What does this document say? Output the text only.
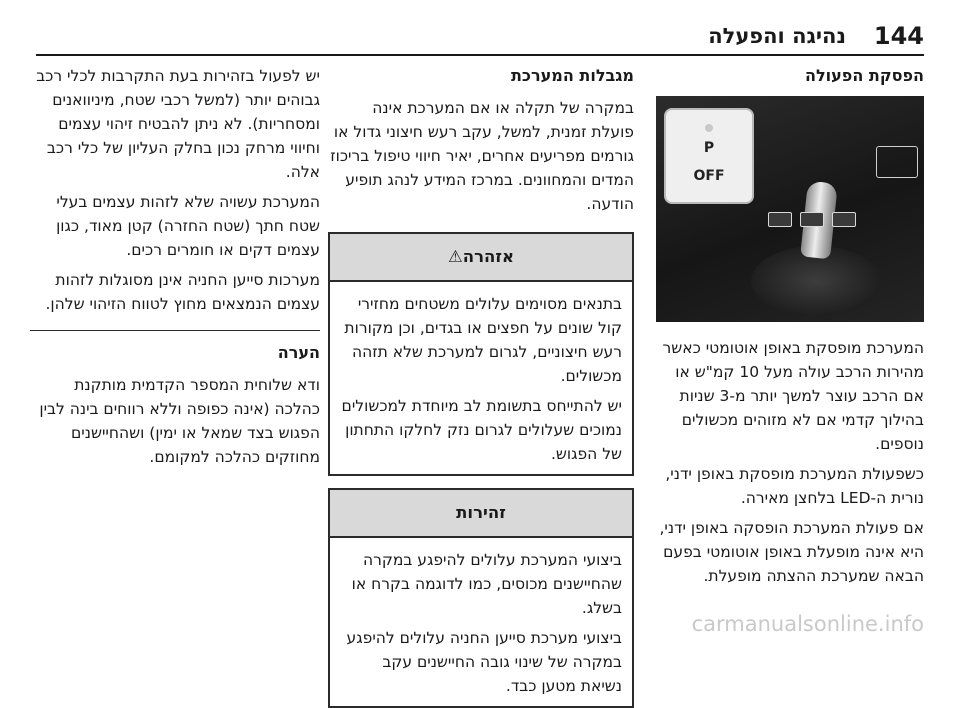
144
נהיגה והפעלה
הפסקת הפעולה
P
OFF

המערכת מופסקת באופן אוטומטי כאשר מהירות הרכב עולה מעל 10 קמ"ש או אם הרכב עוצר למשך יותר מ-3 שניות בהילוך קדמי אם לא מזוהים מכשולים נוספים.

כשפעולת המערכת מופסקת באופן ידני, נורית ה-LED בלחצן מאירה.

אם פעולת המערכת הופסקה באופן ידני, היא אינה מופעלת באופן אוטומטי בפעם הבאה שמערכת ההצתה מופעלת.

מגבלות המערכת

במקרה של תקלה או אם המערכת אינה פועלת זמנית, למשל, עקב רעש חיצוני גדול או גורמים מפריעים אחרים, יאיר חיווי טיפול בריכוז המדים והמחוונים. במרכז המידע לנהג תופיע הודעה.

אזהרה⚠

בתנאים מסוימים עלולים משטחים מחזירי קול שונים על חפצים או בגדים, וכן מקורות רעש חיצוניים, לגרום למערכת שלא תזהה מכשולים.

יש להתייחס בתשומת לב מיוחדת למכשולים נמוכים שעלולים לגרום נזק לחלקו התחתון של הפגוש.

זהירות

ביצועי המערכת עלולים להיפגע במקרה שהחיישנים מכוסים, כמו לדוגמה בקרח או בשלג.

ביצועי מערכת סייען החניה עלולים להיפגע במקרה של שינוי גובה החיישנים עקב נשיאת מטען כבד.

יש לפעול בזהירות בעת התקרבות לכלי רכב גבוהים יותר (למשל רכבי שטח, מיניוואנים ומסחריות). לא ניתן להבטיח זיהוי עצמים וחיווי מרחק נכון בחלק העליון של כלי רכב אלה.

המערכת עשויה שלא לזהות עצמים בעלי שטח חתך (שטח החזרה) קטן מאוד, כגון עצמים דקים או חומרים רכים.

מערכות סייען החניה אינן מסוגלות לזהות עצמים הנמצאים מחוץ לטווח הזיהוי שלהן.

הערה

ודא שלוחית המספר הקדמית מותקנת כהלכה (אינה כפופה וללא רווחים בינה לבין הפגוש בצד שמאל או ימין) ושהחיישנים מחוזקים כהלכה למקומם.

carmanualsonline.info
